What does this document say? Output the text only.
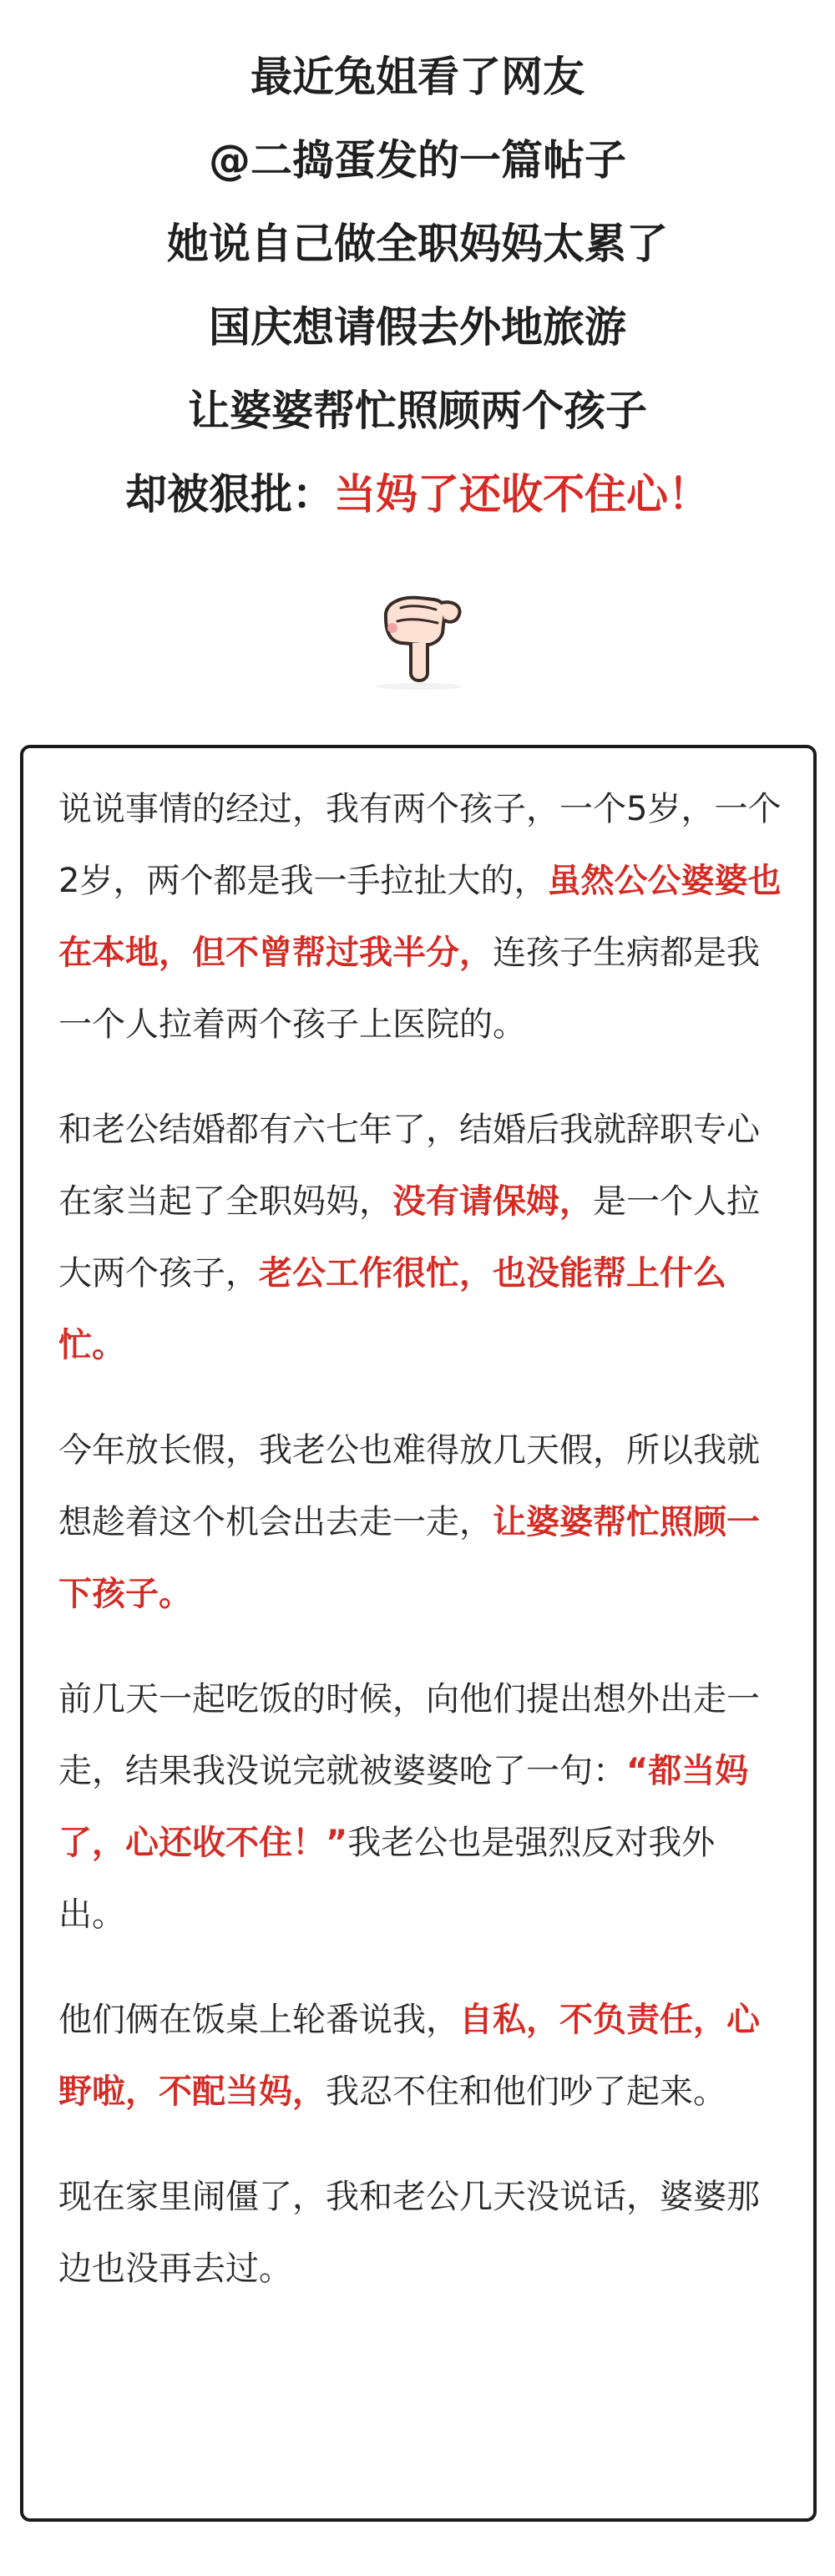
最近兔姐看了网友
@二捣蛋发的一篇帖子
她说自己做全职妈妈太累了
国庆想请假去外地旅游
让婆婆帮忙照顾两个孩子
却被狠批：当妈了还收不住心！

说说事情的经过，我有两个孩子，一个5岁，一个2岁，两个都是我一手拉扯大的，虽然公公婆婆也在本地，但不曾帮过我半分，连孩子生病都是我一个人拉着两个孩子上医院的。

和老公结婚都有六七年了，结婚后我就辞职专心在家当起了全职妈妈，没有请保姆，是一个人拉大两个孩子，老公工作很忙，也没能帮上什么忙。

今年放长假，我老公也难得放几天假，所以我就想趁着这个机会出去走一走，让婆婆帮忙照顾一下孩子。

前几天一起吃饭的时候，向他们提出想外出走一走，结果我没说完就被婆婆呛了一句：“都当妈了，心还收不住！”我老公也是强烈反对我外出。

他们俩在饭桌上轮番说我，自私，不负责任，心野啦，不配当妈，我忍不住和他们吵了起来。

现在家里闹僵了，我和老公几天没说话，婆婆那边也没再去过。
